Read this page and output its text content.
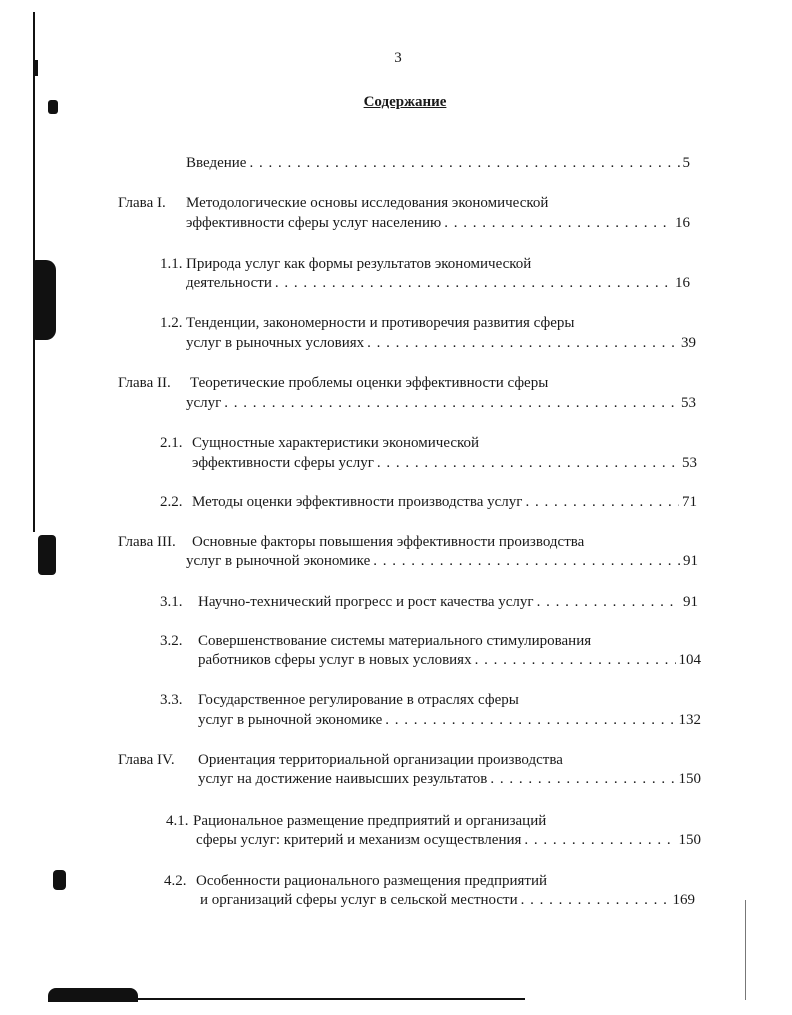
3
Содержание
Введение . . .	5
Глава I. Методологические основы исследования экономической
эффективности сферы услуг населению . . .	16
1.1. Природа услуг как формы результатов экономической
деятельности . . .	16
1.2. Тенденции, закономерности и противоречия развития сферы
услуг в рыночных условиях . . .	39
Глава II. Теоретические проблемы оценки эффективности сферы
услуг . . .	53
2.1. Сущностные характеристики экономической
эффективности сферы услуг . . .	53
2.2. Методы оценки эффективности производства услуг . . .	71
Глава III. Основные факторы повышения эффективности производства
услуг в рыночной экономике . . .	91
3.1. Научно-технический прогресс и рост качества услуг . . .	91
3.2. Совершенствование системы материального стимулирования
работников сферы услуг в новых условиях . . .	104
3.3. Государственное регулирование в отраслях сферы
услуг в рыночной экономике . . .	132
Глава IV. Ориентация территориальной организации производства
услуг на достижение наивысших результатов . . .	150
4.1. Рациональное размещение предприятий и организаций
сферы услуг: критерий и механизм осуществления . . .	150
4.2. Особенности рационального размещения предприятий
и организаций сферы услуг в сельской местности . . .	169
